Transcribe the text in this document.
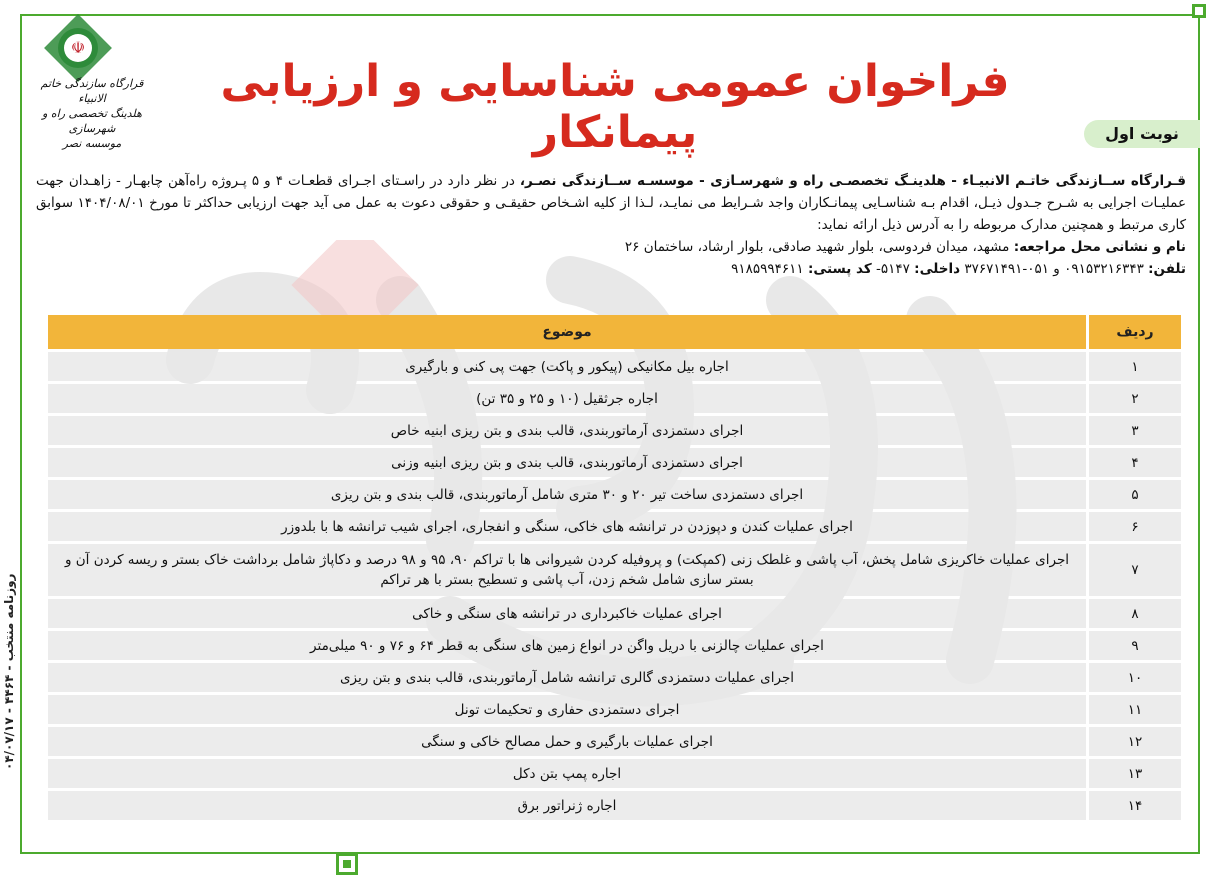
روزنامه منتخب - ۴۴۶۴ - ۰۴/۰۷/۱۷
☫
قرارگاه سازندگی خاتم الانبیاء
هلدینگ تخصصی راه و شهرسازی
موسسه نصر
فراخوان عمومی شناسایی و ارزیابی پیمانکار	نوبت اول

قـرارگاه ســازندگی خاتـم الانبیـاء - هلدینـگ تخصصـی راه و شهرسـازی - موسسـه ســازندگی نصـر، در نظر دارد در راسـتای اجـرای قطعـات ۴ و ۵ پـروژه راه‌آهن چابهـار - زاهـدان جهت عملیـات اجرایی به شـرح جـدول ذیـل، اقدام بـه شناسـایی پیمانـکاران واجد شـرایط می نمایـد، لـذا از کلیه اشـخاص حقیقـی و حقوقی دعوت به عمل می آید جهت ارزیابی حداکثر تا مورخ ۱۴۰۴/۰۸/۰۱ سوابق کاری مرتبط و همچنین مدارک مربوطه را به آدرس ذیل ارائه نماید:

نام و نشانی محل مراجعه: مشهد، میدان فردوسی، بلوار شهید صادقی، بلوار ارشاد، ساختمان ۲۶

تلفن: ۰۹۱۵۳۲۱۶۳۴۳ و ۰۵۱-۳۷۶۷۱۴۹۱ داخلی: ۵۱۴۷- کد پستی: ۹۱۸۵۹۹۴۶۱۱

ردیف	موضوع
۱	اجاره بیل مکانیکی (پیکور و پاکت) جهت پی کنی و بارگیری
۲	اجاره جرثقیل (۱۰ و ۲۵ و ۳۵ تن)
۳	اجرای دستمزدی آرماتوربندی، قالب بندی و بتن ریزی ابنیه خاص
۴	اجرای دستمزدی آرماتوربندی، قالب بندی و بتن ریزی ابنیه وزنی
۵	اجرای دستمزدی ساخت تیر ۲۰ و ۳۰ متری شامل آرماتوربندی، قالب بندی و بتن ریزی
۶	اجرای عملیات کندن و دپوزدن در ترانشه های خاکی، سنگی و انفجاری، اجرای شیب ترانشه ها با بلدوزر
۷	اجرای عملیات خاکریزی شامل پخش، آب پاشی و غلطک زنی (کمپکت) و پروفیله کردن شیروانی ها با تراکم ۹۰، ۹۵ و ۹۸ درصد و دکاپاژ شامل برداشت خاک بستر و ریسه کردن آن و بستر سازی شامل شخم زدن، آب پاشی و تسطیح بستر با هر تراکم
۸	اجرای عملیات خاکبرداری در ترانشه های سنگی و خاکی
۹	اجرای عملیات چالزنی با دریل واگن در انواع زمین های سنگی به قطر ۶۴ و ۷۶ و ۹۰ میلی‌متر
۱۰	اجرای عملیات دستمزدی گالری ترانشه شامل آرماتوربندی، قالب بندی و بتن ریزی
۱۱	اجرای دستمزدی حفاری و تحکیمات تونل
۱۲	اجرای عملیات بارگیری و حمل مصالح خاکی و سنگی
۱۳	اجاره پمپ بتن دکل
۱۴	اجاره ژنراتور برق
